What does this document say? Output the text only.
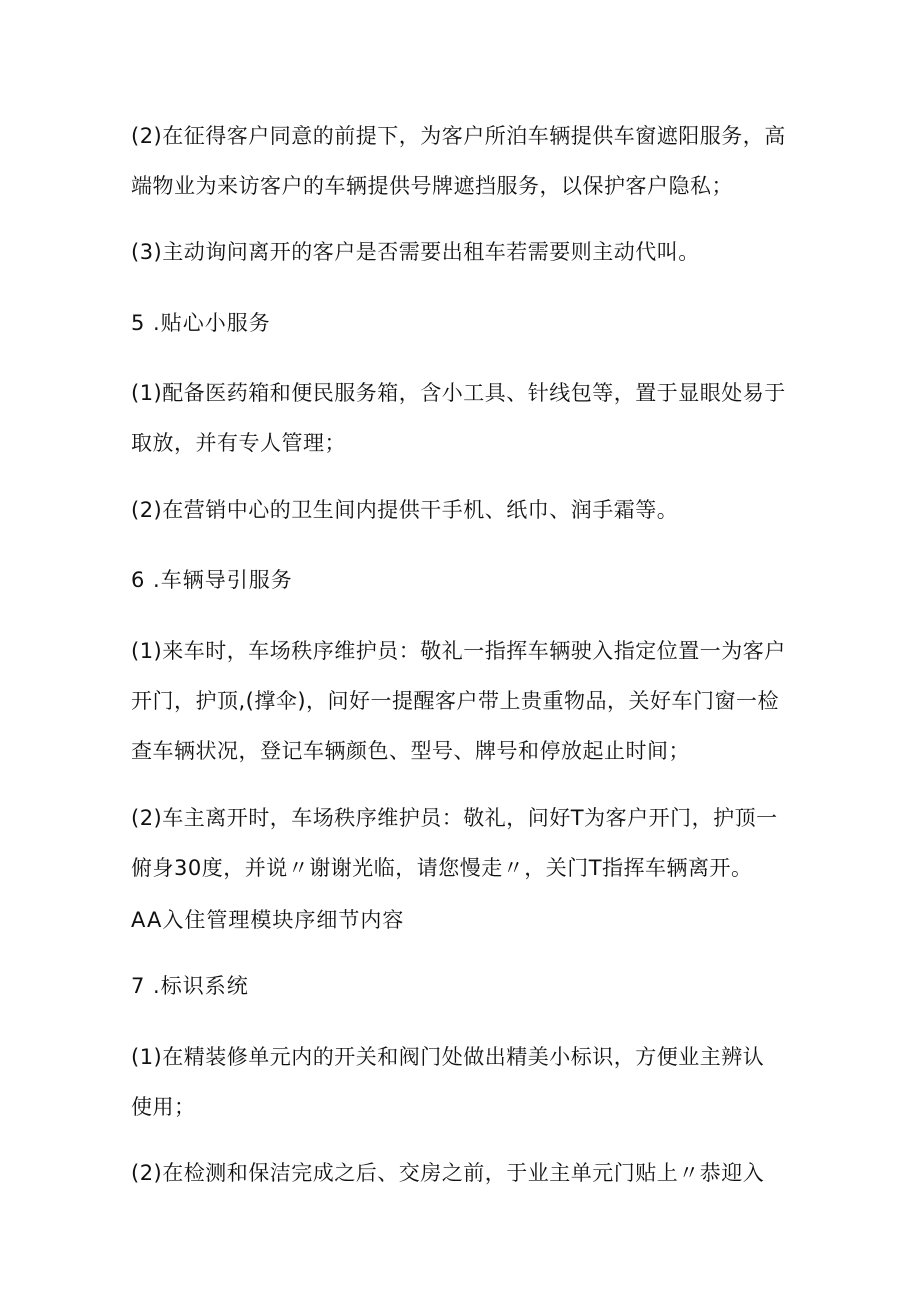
(2)在征得客户同意的前提下，为客户所泊车辆提供车窗遮阳服务，高
端物业为来访客户的车辆提供号牌遮挡服务，以保护客户隐私；
(3)主动询问离开的客户是否需要出租车若需要则主动代叫。
5 .贴心小服务
(1)配备医药箱和便民服务箱，含小工具、针线包等，置于显眼处易于
取放，并有专人管理；
(2)在营销中心的卫生间内提供干手机、纸巾、润手霜等。
6 .车辆导引服务
(1)来车时，车场秩序维护员：敬礼一指挥车辆驶入指定位置一为客户
开门，护顶,(撑伞)，问好一提醒客户带上贵重物品，关好车门窗一检
查车辆状况，登记车辆颜色、型号、牌号和停放起止时间；
(2)车主离开时，车场秩序维护员：敬礼，问好T为客户开门，护顶一
俯身30度，并说〃谢谢光临，请您慢走〃，关门T指挥车辆离开。
AA入住管理模块序细节内容
7 .标识系统
(1)在精装修单元内的开关和阀门处做出精美小标识，方便业主辨认
使用；
(2)在检测和保洁完成之后、交房之前，于业主单元门贴上〃恭迎入
